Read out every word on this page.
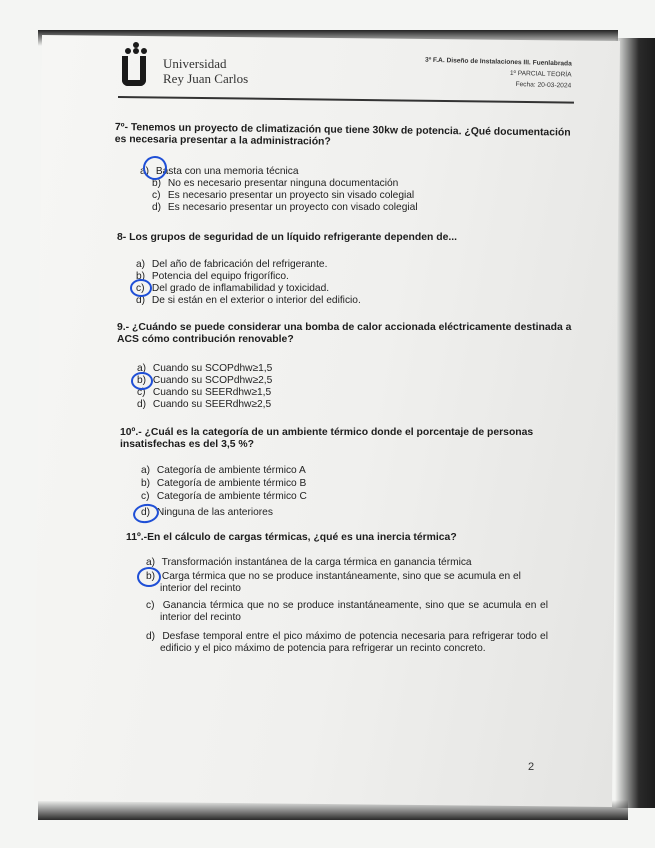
Universidad
Rey Juan Carlos
3º F.A. Diseño de Instalaciones III. Fuenlabrada
1º PARCIAL TEORÍA
Fecha: 20-03-2024
7º- Tenemos un proyecto de climatización que tiene 30kw de potencia. ¿Qué documentación es necesaria presentar a la administración?
a) Basta con una memoria técnica
b) No es necesario presentar ninguna documentación
c) Es necesario presentar un proyecto sin visado colegial
d) Es necesario presentar un proyecto con visado colegial
8- Los grupos de seguridad de un líquido refrigerante dependen de...
a) Del año de fabricación del refrigerante.
b) Potencia del equipo frigorífico.
c) Del grado de inflamabilidad y toxicidad.
d) De si están en el exterior o interior del edificio.
9.- ¿Cuándo se puede considerar una bomba de calor accionada eléctricamente destinada a ACS cómo contribución renovable?
a) Cuando su SCOPdhw≥1,5
b) Cuando su SCOPdhw≥2,5
c) Cuando su SEERdhw≥1,5
d) Cuando su SEERdhw≥2,5
10º.- ¿Cuál es la categoría de un ambiente térmico donde el porcentaje de personas insatisfechas es del 3,5 %?
a) Categoría de ambiente térmico A
b) Categoría de ambiente térmico B
c) Categoría de ambiente térmico C
d) Ninguna de las anteriores
11º.-En el cálculo de cargas térmicas, ¿qué es una inercia térmica?
a) Transformación instantánea de la carga térmica en ganancia térmica
b) Carga térmica que no se produce instantáneamente, sino que se acumula en el interior del recinto
c) Ganancia térmica que no se produce instantáneamente, sino que se acumula en el interior del recinto
d) Desfase temporal entre el pico máximo de potencia necesaria para refrigerar todo el edificio y el pico máximo de potencia para refrigerar un recinto concreto.
2
